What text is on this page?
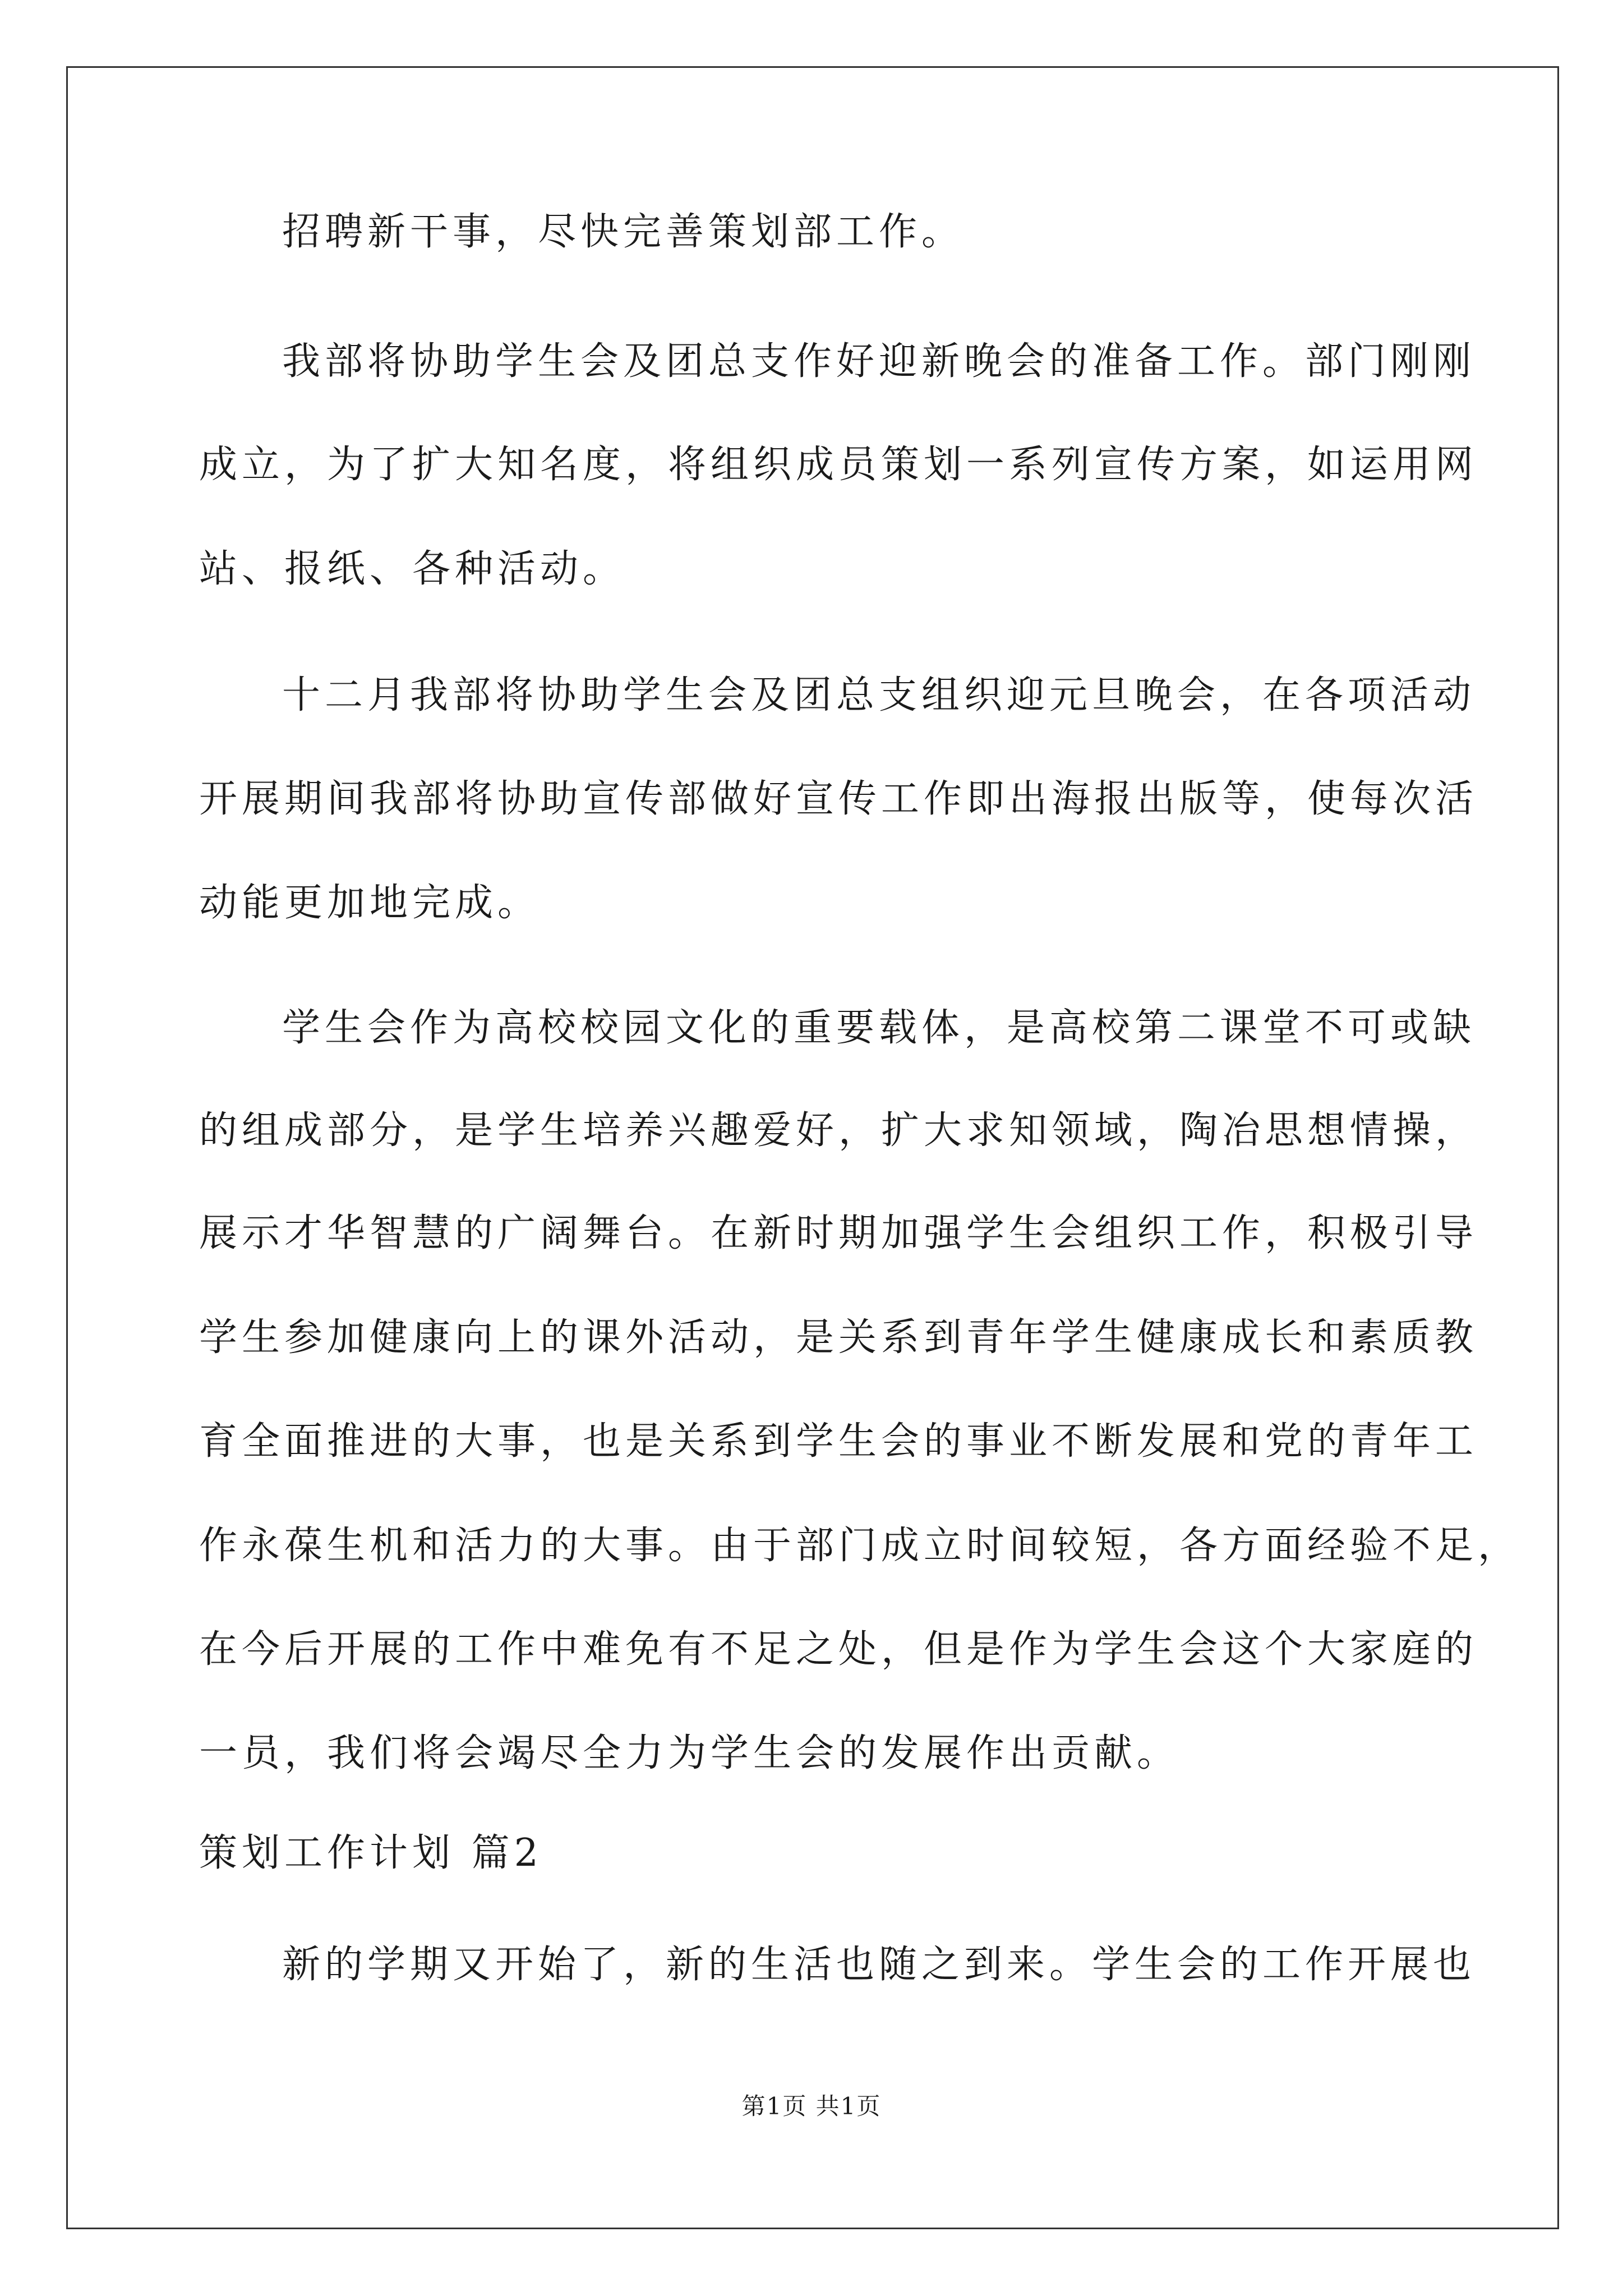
招聘新干事，尽快完善策划部工作。
我部将协助学生会及团总支作好迎新晚会的准备工作。部门刚刚
成立，为了扩大知名度，将组织成员策划一系列宣传方案，如运用网
站、报纸、各种活动。
十二月我部将协助学生会及团总支组织迎元旦晚会，在各项活动
开展期间我部将协助宣传部做好宣传工作即出海报出版等，使每次活
动能更加地完成。
学生会作为高校校园文化的重要载体，是高校第二课堂不可或缺
的组成部分，是学生培养兴趣爱好，扩大求知领域，陶冶思想情操，
展示才华智慧的广阔舞台。在新时期加强学生会组织工作，积极引导
学生参加健康向上的课外活动，是关系到青年学生健康成长和素质教
育全面推进的大事，也是关系到学生会的事业不断发展和党的青年工
作永葆生机和活力的大事。由于部门成立时间较短，各方面经验不足，
在今后开展的工作中难免有不足之处，但是作为学生会这个大家庭的
一员，我们将会竭尽全力为学生会的发展作出贡献。
策划工作计划 篇2
新的学期又开始了，新的生活也随之到来。学生会的工作开展也
第1页 共1页
